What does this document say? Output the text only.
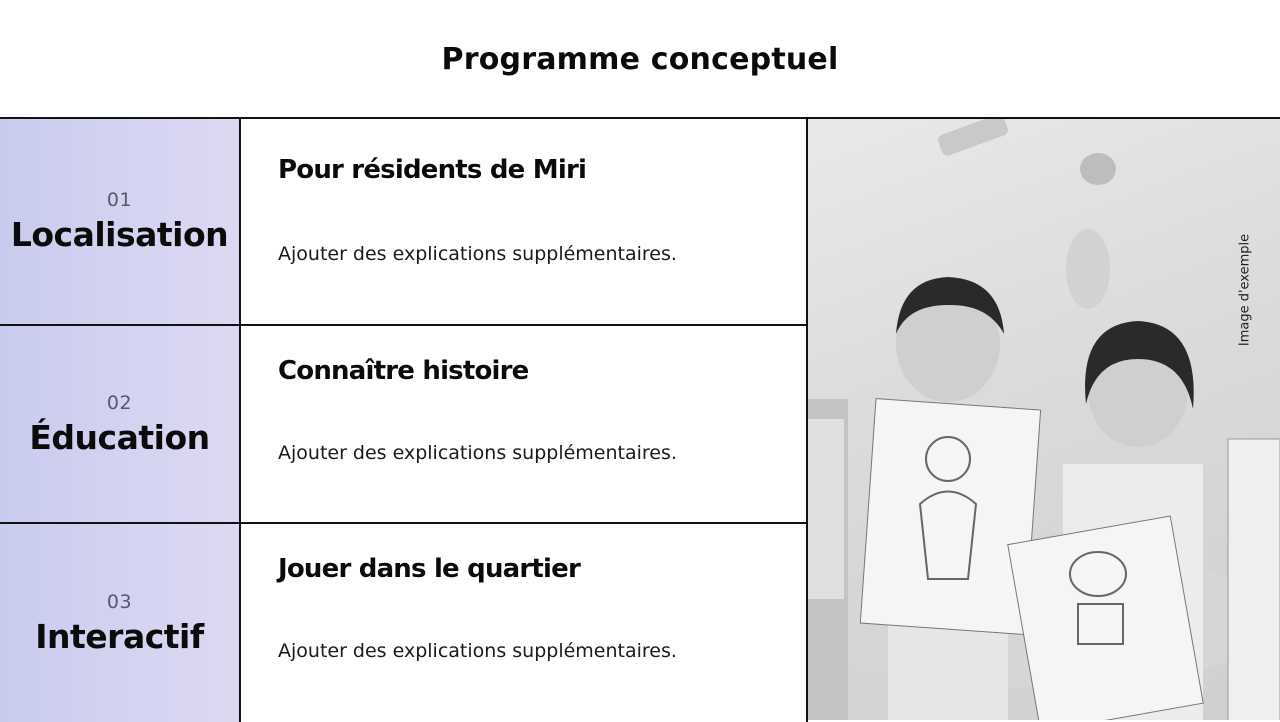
Programme conceptuel
01
Localisation
Pour résidents de Miri
Ajouter des explications supplémentaires.
02
Éducation
Connaître histoire
Ajouter des explications supplémentaires.
03
Interactif
Jouer dans le quartier
Ajouter des explications supplémentaires.
Image d'exemple
